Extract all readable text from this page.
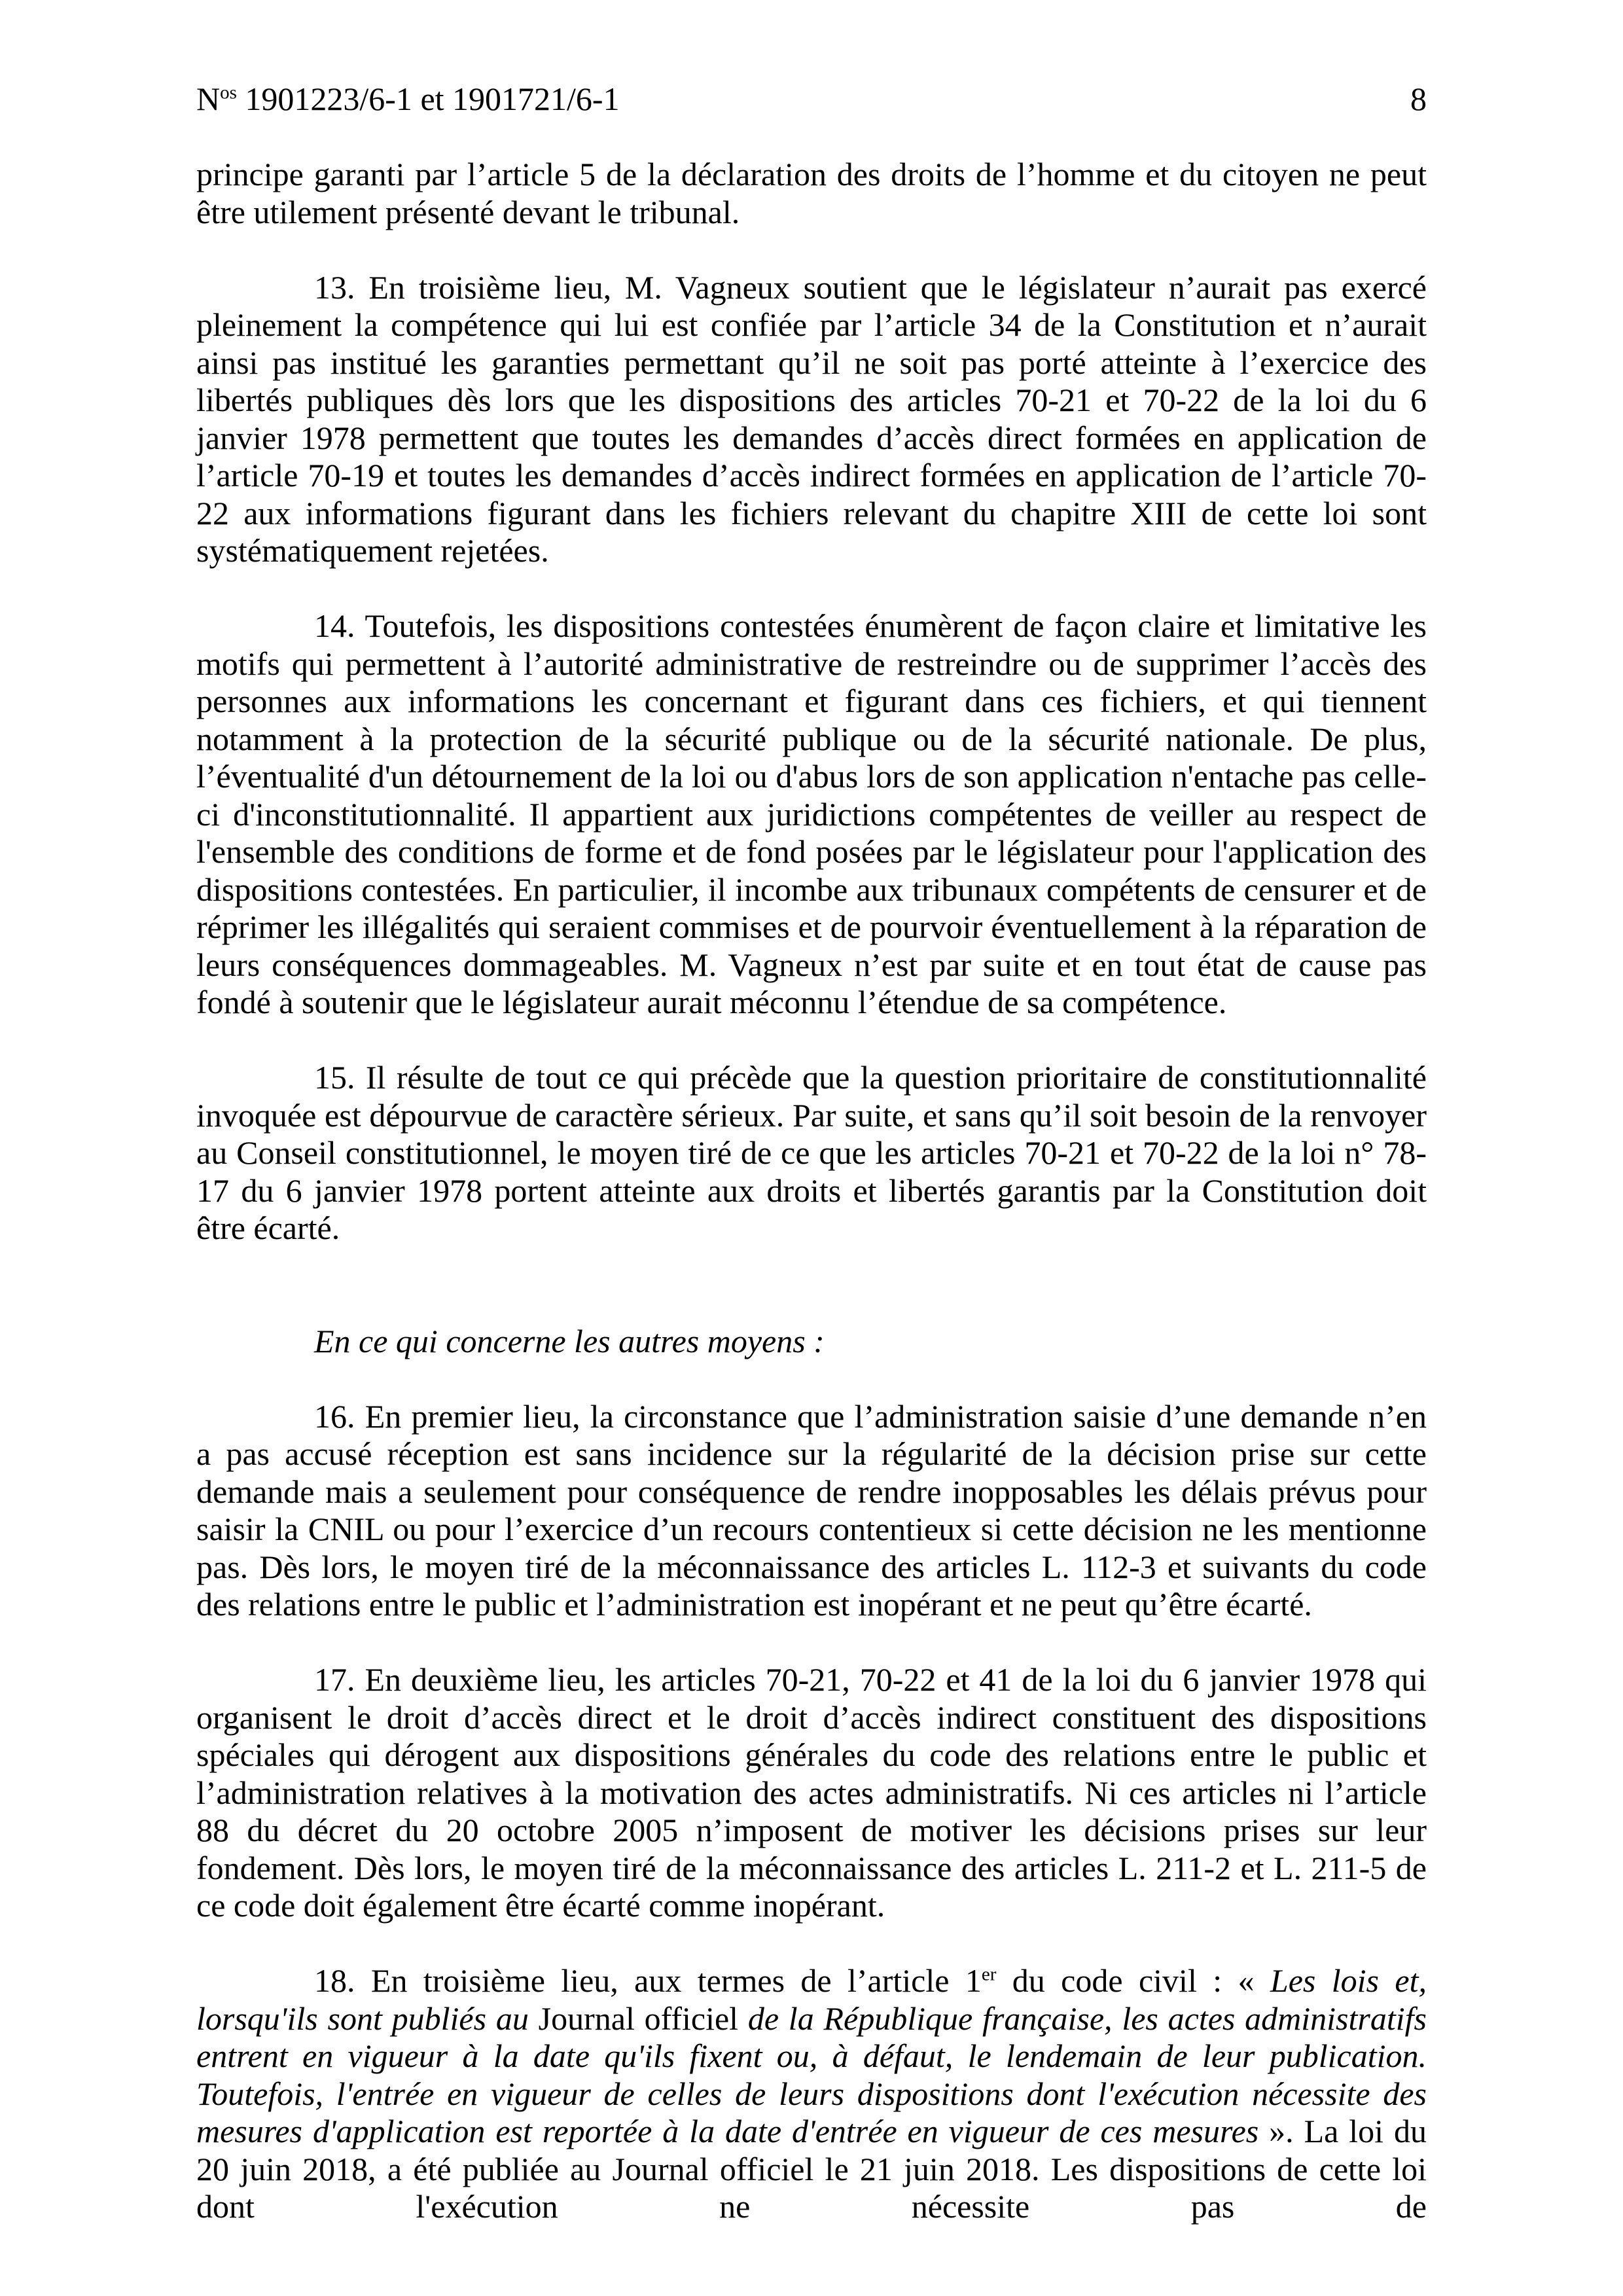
$N^{os}$ 1901223/6-1 et 1901721/6-1	8

principe garanti par l’article 5 de la déclaration des droits de l’homme et du citoyen ne peut être utilement présenté devant le tribunal.

13. En troisième lieu, M. Vagneux soutient que le législateur n’aurait pas exercé pleinement la compétence qui lui est confiée par l’article 34 de la Constitution et n’aurait ainsi pas institué les garanties permettant qu’il ne soit pas porté atteinte à l’exercice des libertés publiques dès lors que les dispositions des articles 70-21 et 70-22 de la loi du 6 janvier 1978 permettent que toutes les demandes d’accès direct formées en application de l’article 70-19 et toutes les demandes d’accès indirect formées en application de l’article 70-22 aux informations figurant dans les fichiers relevant du chapitre XIII de cette loi sont systématiquement rejetées.

14. Toutefois, les dispositions contestées énumèrent de façon claire et limitative les motifs qui permettent à l’autorité administrative de restreindre ou de supprimer l’accès des personnes aux informations les concernant et figurant dans ces fichiers, et qui tiennent notamment à la protection de la sécurité publique ou de la sécurité nationale. De plus, l’éventualité d'un détournement de la loi ou d'abus lors de son application n'entache pas celle-ci d'inconstitutionnalité. Il appartient aux juridictions compétentes de veiller au respect de l'ensemble des conditions de forme et de fond posées par le législateur pour l'application des dispositions contestées. En particulier, il incombe aux tribunaux compétents de censurer et de réprimer les illégalités qui seraient commises et de pourvoir éventuellement à la réparation de leurs conséquences dommageables. M. Vagneux n’est par suite et en tout état de cause pas fondé à soutenir que le législateur aurait méconnu l’étendue de sa compétence.

15. Il résulte de tout ce qui précède que la question prioritaire de constitutionnalité invoquée est dépourvue de caractère sérieux. Par suite, et sans qu’il soit besoin de la renvoyer au Conseil constitutionnel, le moyen tiré de ce que les articles 70-21 et 70-22 de la loi n° 78-17 du 6 janvier 1978 portent atteinte aux droits et libertés garantis par la Constitution doit être écarté.

En ce qui concerne les autres moyens :

16. En premier lieu, la circonstance que l’administration saisie d’une demande n’en a pas accusé réception est sans incidence sur la régularité de la décision prise sur cette demande mais a seulement pour conséquence de rendre inopposables les délais prévus pour saisir la CNIL ou pour l’exercice d’un recours contentieux si cette décision ne les mentionne pas. Dès lors, le moyen tiré de la méconnaissance des articles L. 112-3 et suivants du code des relations entre le public et l’administration est inopérant et ne peut qu’être écarté.

17. En deuxième lieu, les articles 70-21, 70-22 et 41 de la loi du 6 janvier 1978 qui organisent le droit d’accès direct et le droit d’accès indirect constituent des dispositions spéciales qui dérogent aux dispositions générales du code des relations entre le public et l’administration relatives à la motivation des actes administratifs. Ni ces articles ni l’article 88 du décret du 20 octobre 2005 n’imposent de motiver les décisions prises sur leur fondement. Dès lors, le moyen tiré de la méconnaissance des articles L. 211-2 et L. 211-5 de ce code doit également être écarté comme inopérant.

18. En troisième lieu, aux termes de l’article 1er du code civil : « Les lois et, lorsqu'ils sont publiés au Journal officiel de la République française, les actes administratifs entrent en vigueur à la date qu'ils fixent ou, à défaut, le lendemain de leur publication. Toutefois, l'entrée en vigueur de celles de leurs dispositions dont l'exécution nécessite des mesures d'application est reportée à la date d'entrée en vigueur de ces mesures ». La loi du 20 juin 2018, a été publiée au Journal officiel le 21 juin 2018. Les dispositions de cette loi dont l'exécution ne nécessite pas de
